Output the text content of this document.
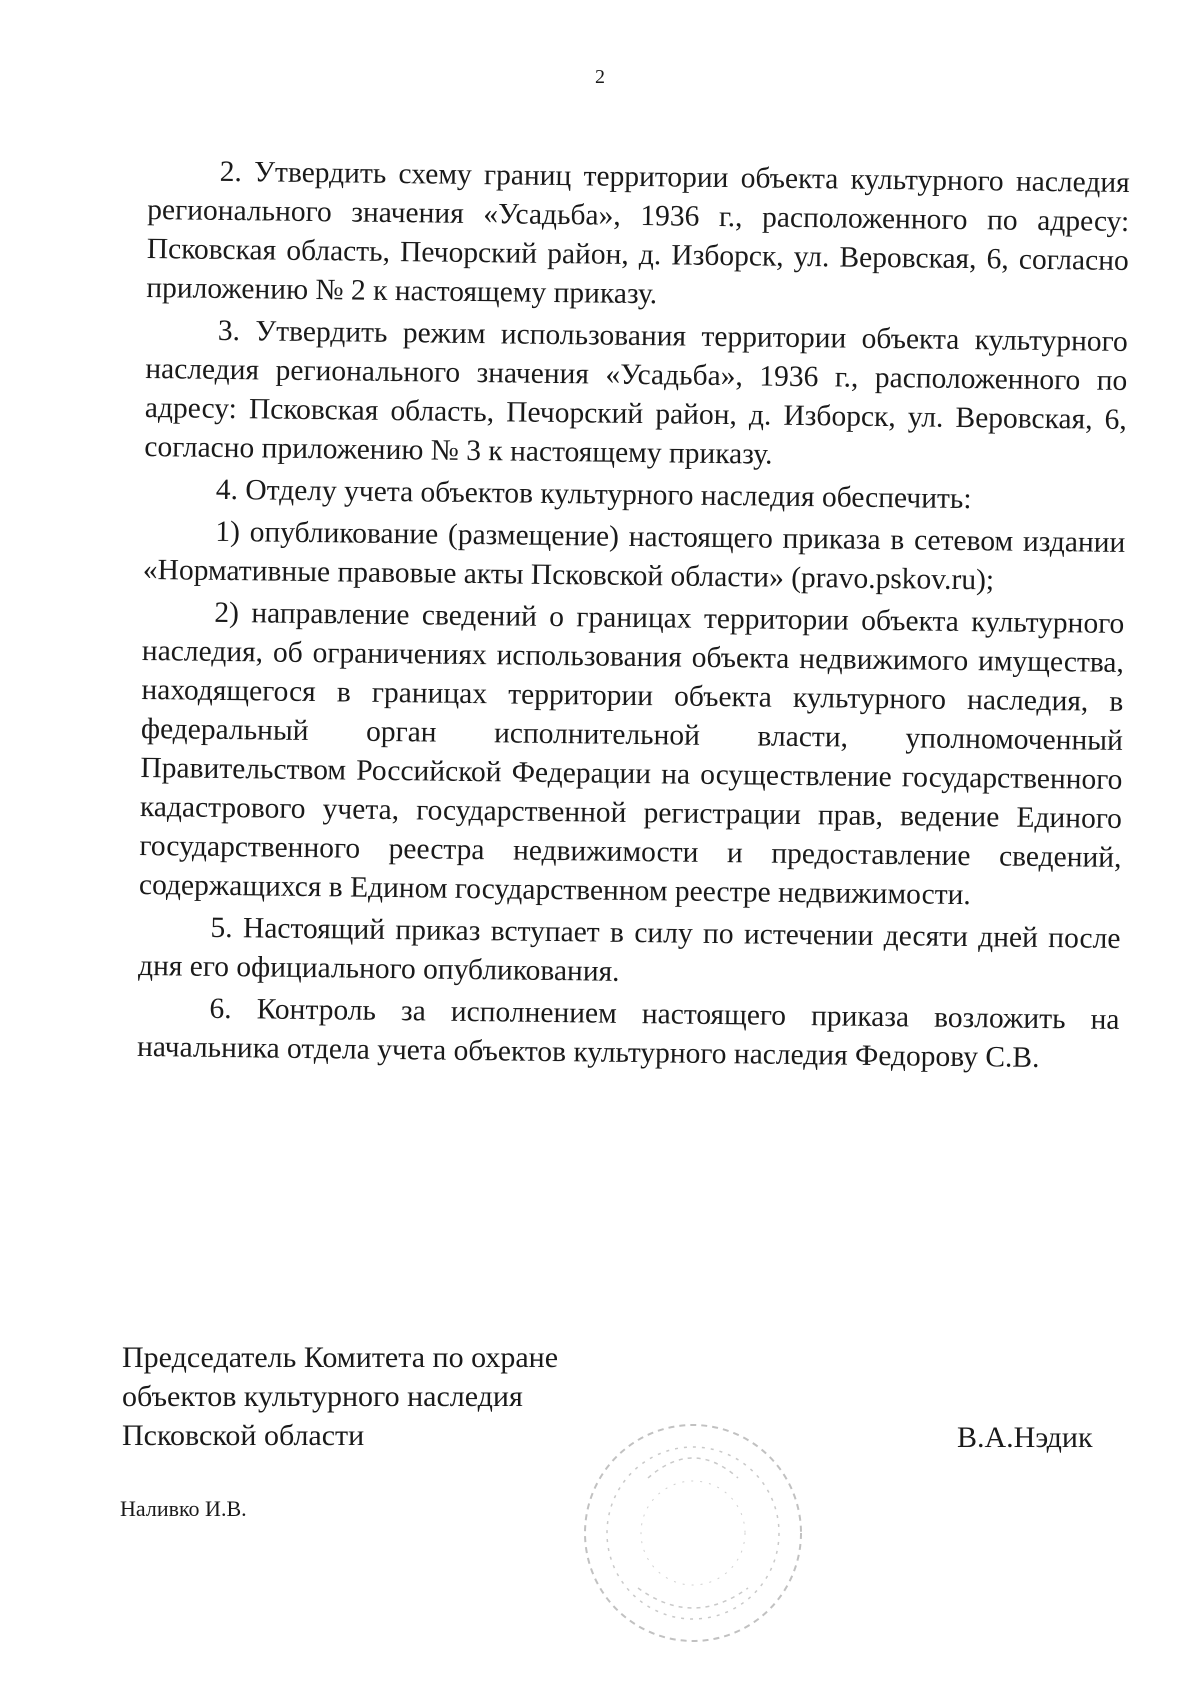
2

2. Утвердить схему границ территории объекта культурного наследия регионального значения «Усадьба», 1936 г., расположенного по адресу: Псковская область, Печорский район, д. Изборск, ул. Веровская, 6, согласно приложению № 2 к настоящему приказу.

3. Утвердить режим использования территории объекта культурного наследия регионального значения «Усадьба», 1936 г., расположенного по адресу: Псковская область, Печорский район, д. Изборск, ул. Веровская, 6, согласно приложению № 3 к настоящему приказу.

4. Отделу учета объектов культурного наследия обеспечить:

1) опубликование (размещение) настоящего приказа в сетевом издании «Нормативные правовые акты Псковской области» (pravo.pskov.ru);

2) направление сведений о границах территории объекта культурного наследия, об ограничениях использования объекта недвижимого имущества, находящегося в границах территории объекта культурного наследия, в федеральный орган исполнительной власти, уполномоченный Правительством Российской Федерации на осуществление государственного кадастрового учета, государственной регистрации прав, ведение Единого государственного реестра недвижимости и предоставление сведений, содержащихся в Едином государственном реестре недвижимости.

5. Настоящий приказ вступает в силу по истечении десяти дней после дня его официального опубликования.

6. Контроль за исполнением настоящего приказа возложить на начальника отдела учета объектов культурного наследия Федорову С.В.

Председатель Комитета по охране
объектов культурного наследия
Псковской области	В.А.Нэдик
Наливко И.В.
